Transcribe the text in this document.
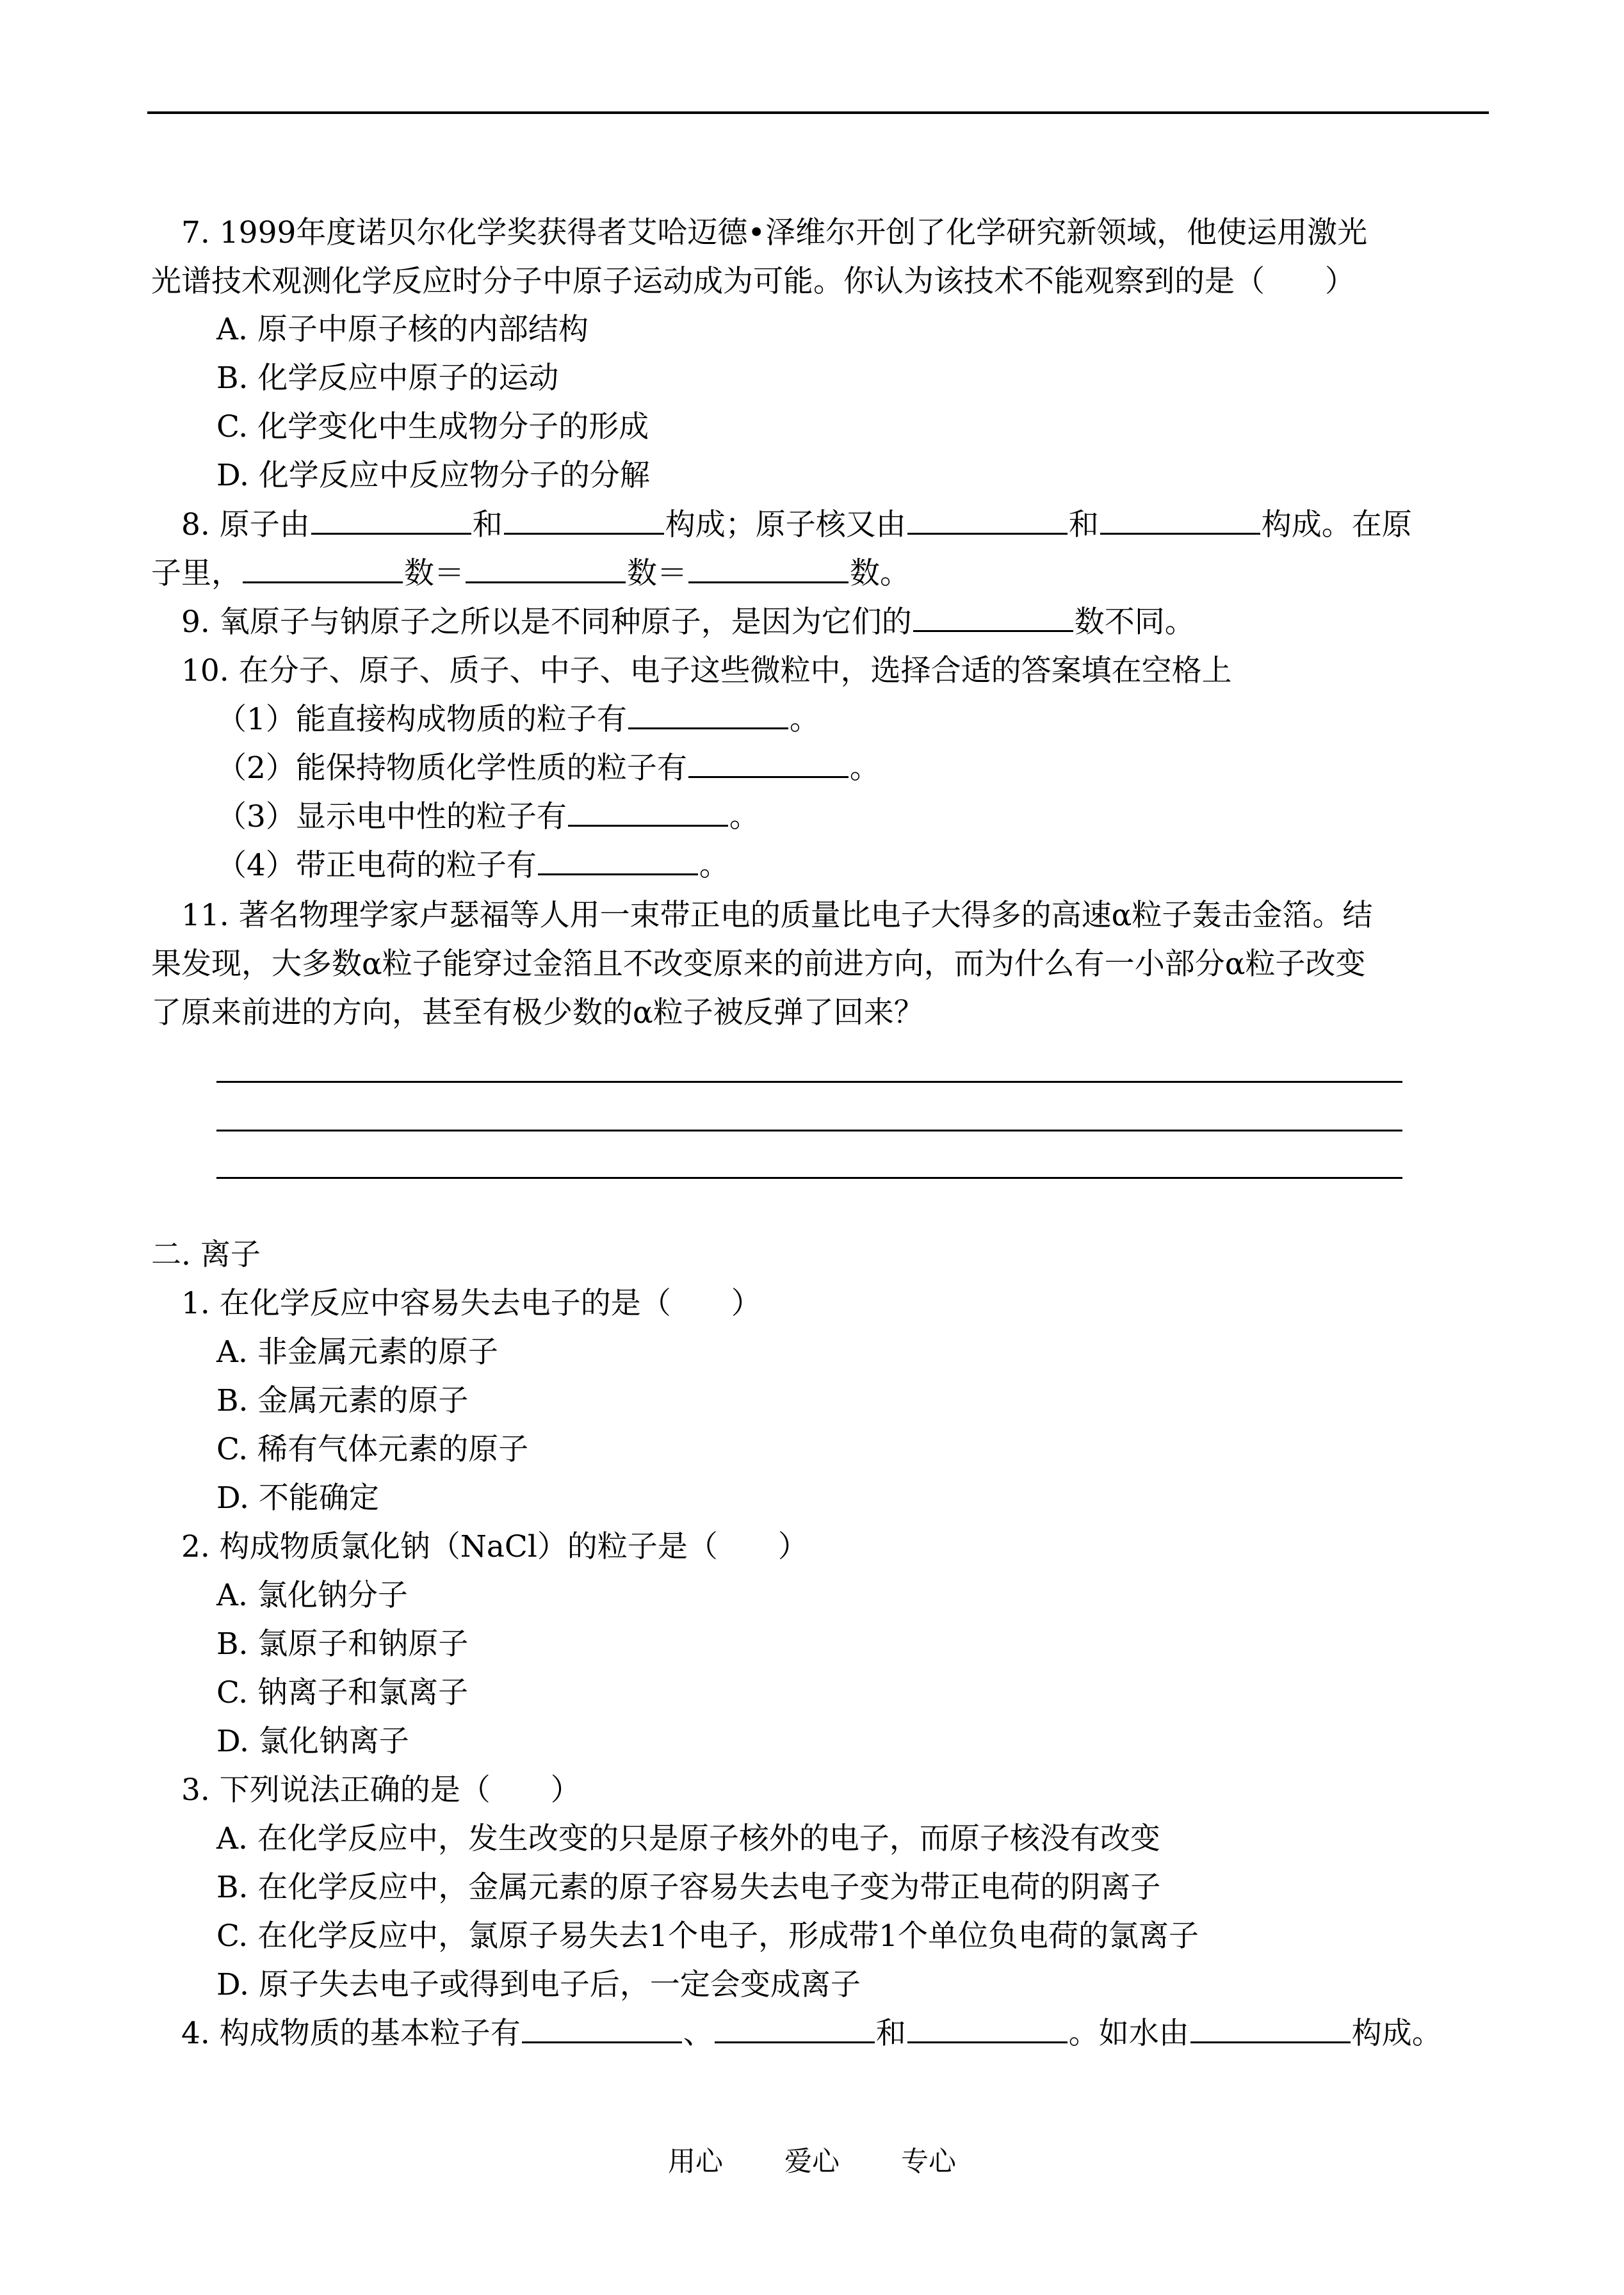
7. 1999年度诺贝尔化学奖获得者艾哈迈德•泽维尔开创了化学研究新领域，他使运用激光
光谱技术观测化学反应时分子中原子运动成为可能。你认为该技术不能观察到的是（　　）
A. 原子中原子核的内部结构
B. 化学反应中原子的运动
C. 化学变化中生成物分子的形成
D. 化学反应中反应物分子的分解
8. 原子由	和	构成；原子核又由	和	构成。在原
子里，	数＝	数＝	数。
9. 氧原子与钠原子之所以是不同种原子，是因为它们的	数不同。
10. 在分子、原子、质子、中子、电子这些微粒中，选择合适的答案填在空格上
（1）能直接构成物质的粒子有	。
（2）能保持物质化学性质的粒子有	。
（3）显示电中性的粒子有	。
（4）带正电荷的粒子有	。
11. 著名物理学家卢瑟福等人用一束带正电的质量比电子大得多的高速α粒子轰击金箔。结
果发现，大多数α粒子能穿过金箔且不改变原来的前进方向，而为什么有一小部分α粒子改变
了原来前进的方向，甚至有极少数的α粒子被反弹了回来？
二. 离子
1. 在化学反应中容易失去电子的是（　　）
A. 非金属元素的原子
B. 金属元素的原子
C. 稀有气体元素的原子
D. 不能确定
2. 构成物质氯化钠（NaCl）的粒子是（　　）
A. 氯化钠分子
B. 氯原子和钠原子
C. 钠离子和氯离子
D. 氯化钠离子
3. 下列说法正确的是（　　）
A. 在化学反应中，发生改变的只是原子核外的电子，而原子核没有改变
B. 在化学反应中，金属元素的原子容易失去电子变为带正电荷的阴离子
C. 在化学反应中，氯原子易失去1个电子，形成带1个单位负电荷的氯离子
D. 原子失去电子或得到电子后，一定会变成离子
4. 构成物质的基本粒子有	、	和	。如水由	构成。
用心 爱心 专心
